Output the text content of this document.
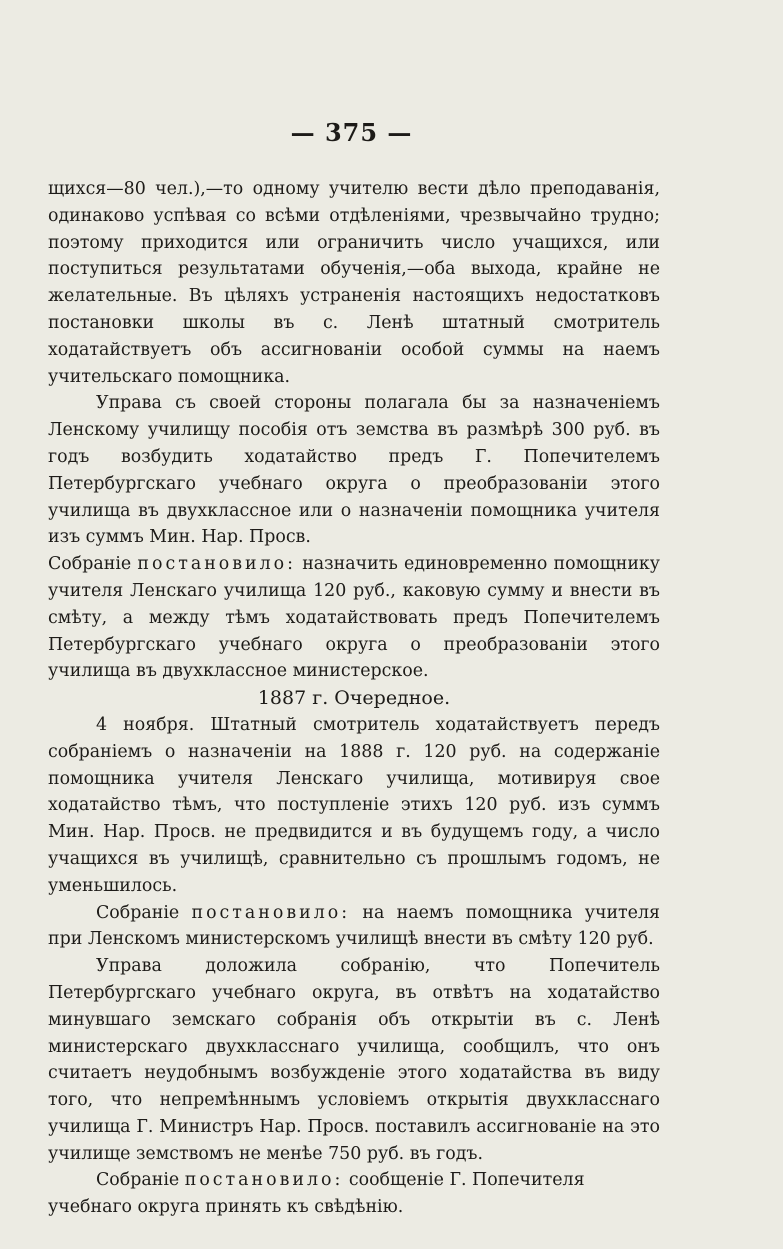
— 375 —

щихся—80 чел.),—то одному учителю вести дѣло преподаванія, одинаково успѣвая со всѣми отдѣленіями, чрезвычайно трудно; поэтому приходится или ограничить число учащихся, или поступиться результатами обученія,—оба выхода, крайне не желательные. Въ цѣляхъ устраненія настоящихъ недостатковъ постановки школы въ с. Ленѣ штатный смотритель ходатайствуетъ объ ассигнованіи особой суммы на наемъ учительскаго помощника.

Управа съ своей стороны полагала бы за назначеніемъ Ленскому училищу пособія отъ земства въ размѣрѣ 300 руб. въ годъ возбудить ходатайство предъ Г. Попечителемъ Петербургскаго учебнаго округа о преобразованіи этого училища въ двухклассное или о назначеніи помощника учителя изъ суммъ Мин. Нар. Просв.

Собраніе постановило: назначить единовременно помощнику учителя Ленскаго училища 120 руб., каковую сумму и внести въ смѣту, а между тѣмъ ходатайствовать предъ Попечителемъ Петербургскаго учебнаго округа о преобразованіи этого училища въ двухклассное министерское.

1887 г. Очередное.

4 ноября. Штатный смотритель ходатайствуетъ передъ собраніемъ о назначеніи на 1888 г. 120 руб. на содержаніе помощника учителя Ленскаго училища, мотивируя свое ходатайство тѣмъ, что поступленіе этихъ 120 руб. изъ суммъ Мин. Нар. Просв. не предвидится и въ будущемъ году, а число учащихся въ училищѣ, сравнительно съ прошлымъ годомъ, не уменьшилось.

Собраніе постановило: на наемъ помощника учителя при Ленскомъ министерскомъ училищѣ внести въ смѣту 120 руб.

Управа доложила собранію, что Попечитель Петербургскаго учебнаго округа, въ отвѣтъ на ходатайство минувшаго земскаго собранія объ открытіи въ с. Ленѣ министерскаго двухкласснаго училища, сообщилъ, что онъ считаетъ неудобнымъ возбужденіе этого ходатайства въ виду того, что непремѣннымъ условіемъ открытія двухкласснаго училища Г. Министръ Нар. Просв. поставилъ ассигнованіе на это училище земствомъ не менѣе 750 руб. въ годъ.

Собраніе постановило: сообщеніе Г. Попечителя учебнаго округа принять къ свѣдѣнію.
